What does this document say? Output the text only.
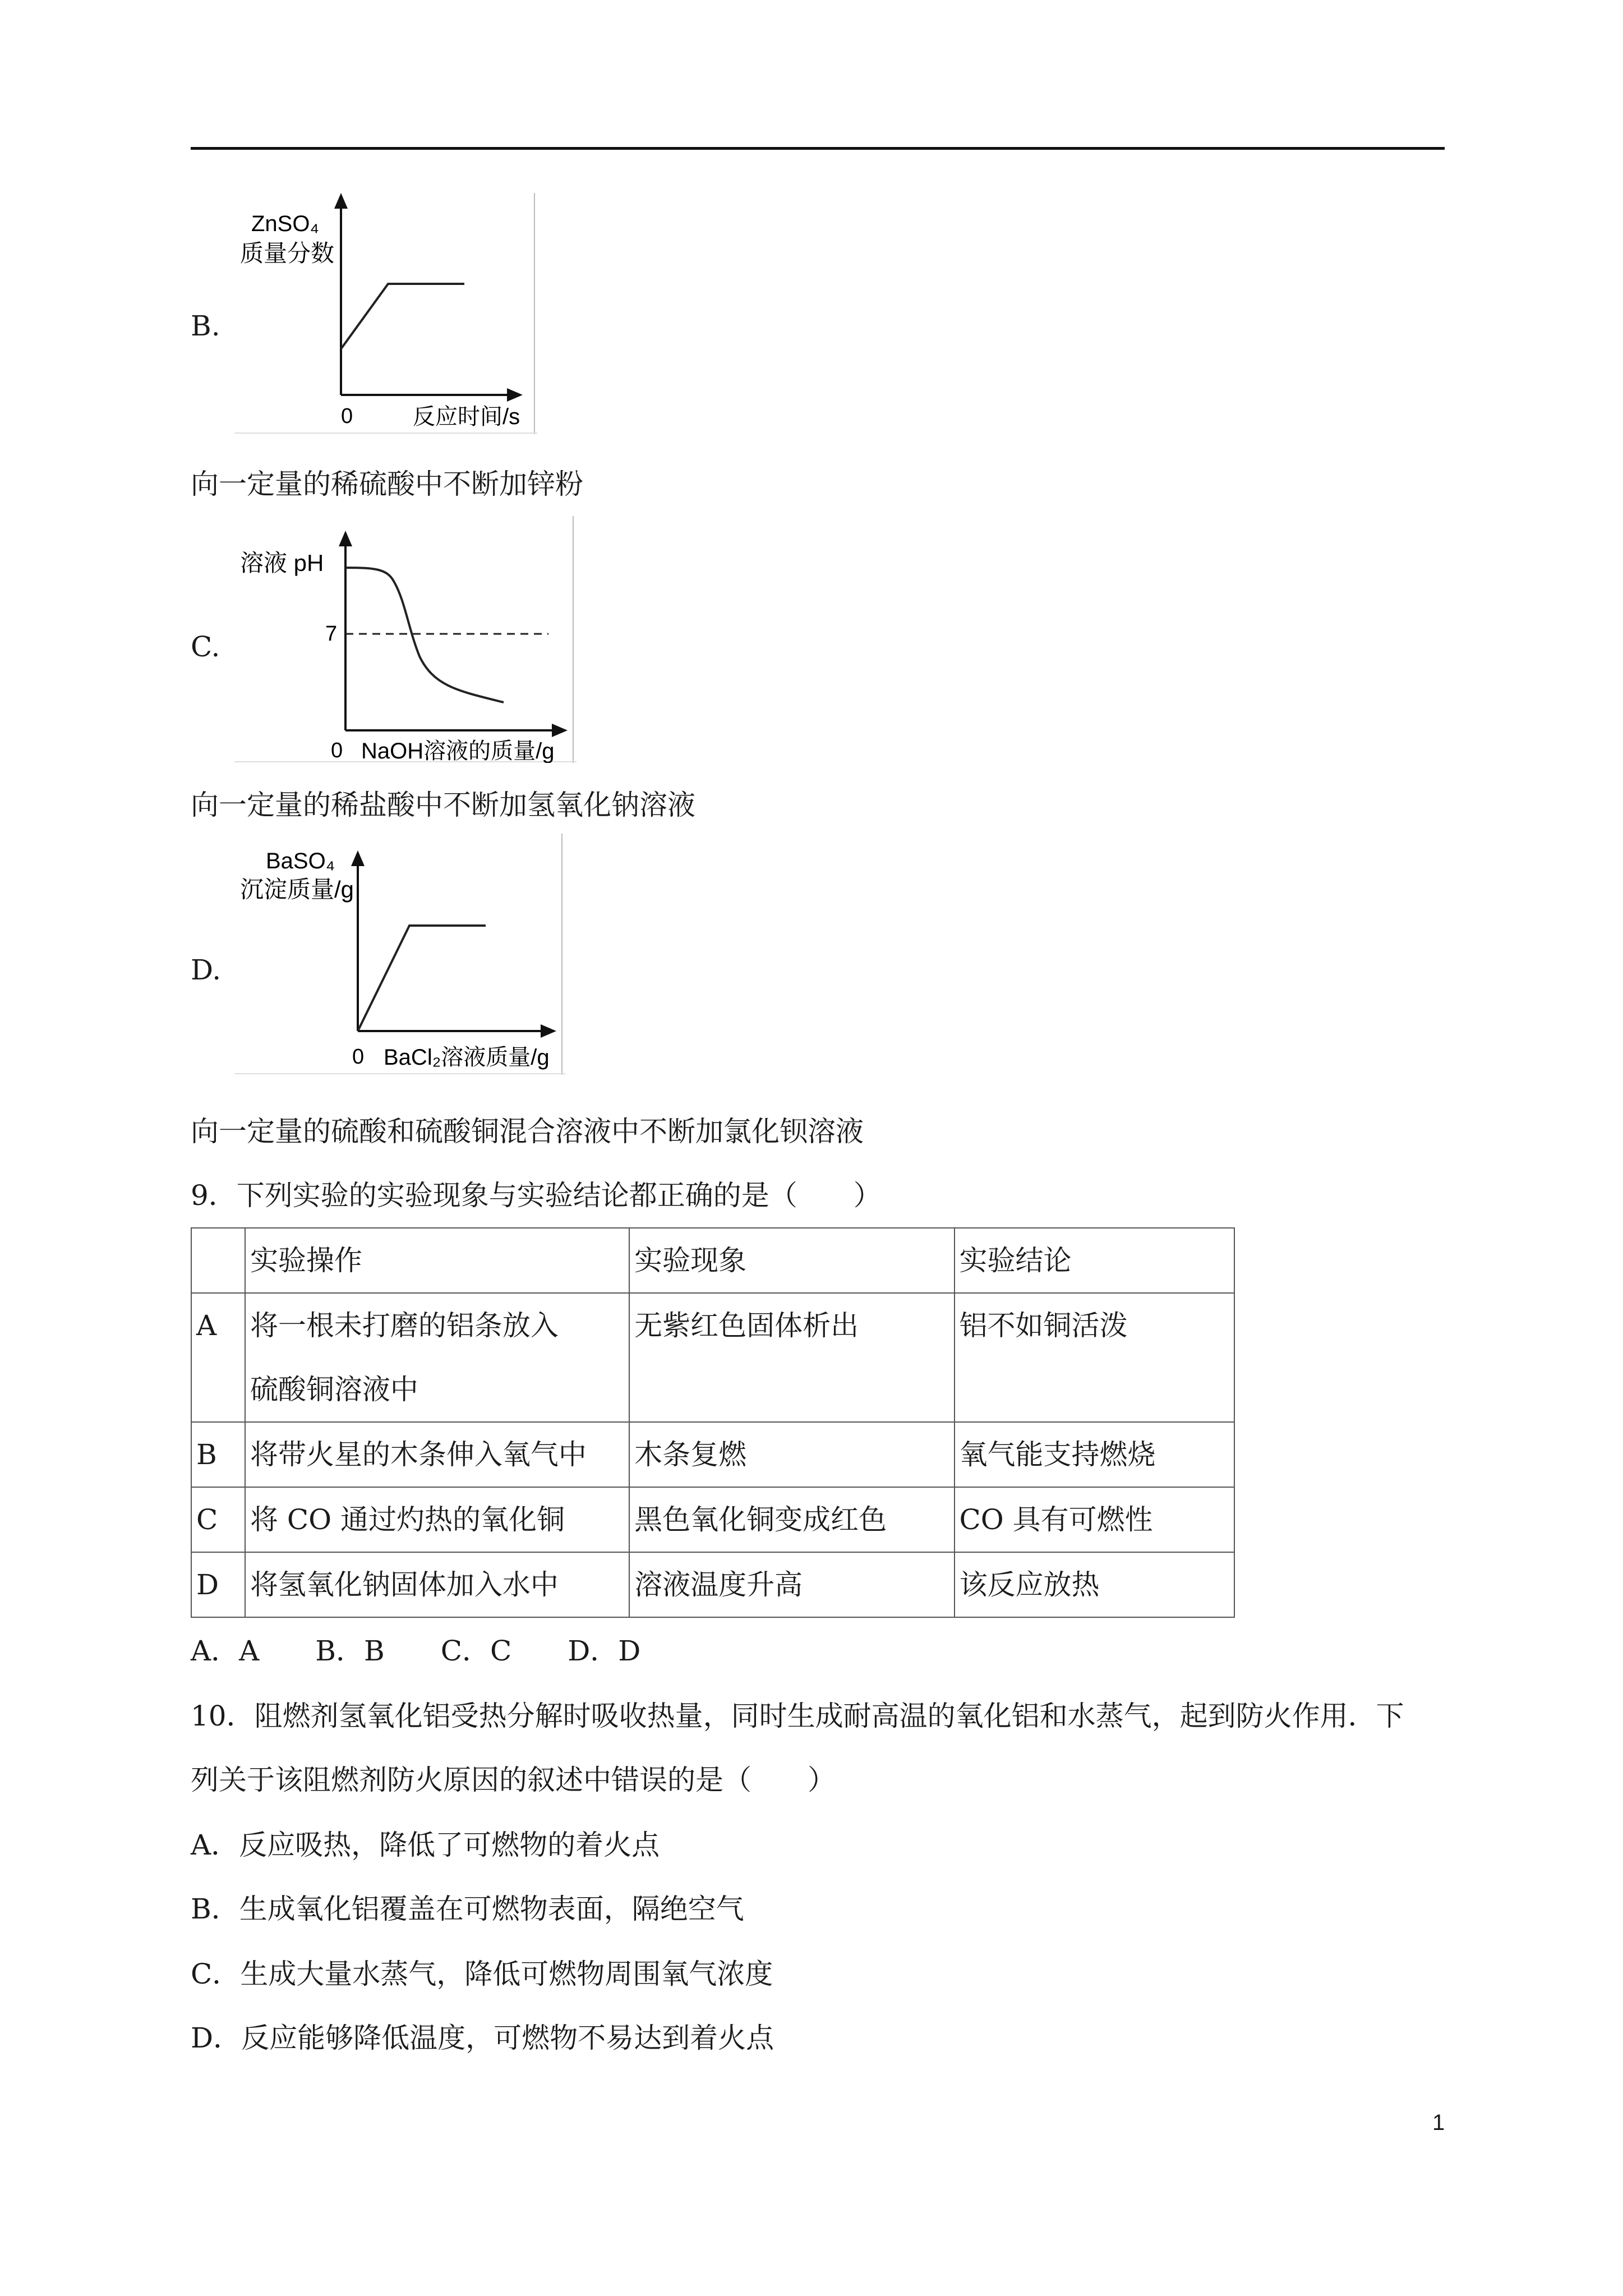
B.
ZnSO₄
质量分数
0	反应时间/s
向一定量的稀硫酸中不断加锌粉
C.
溶液 pH
7
0 NaOH溶液的质量/g
向一定量的稀盐酸中不断加氢氧化钠溶液
D.
BaSO₄
沉淀质量/g
0 BaCl₂溶液质量/g
向一定量的硫酸和硫酸铜混合溶液中不断加氯化钡溶液
9．下列实验的实验现象与实验结论都正确的是（　　）
	实验操作	实验现象	实验结论
A	将一根未打磨的铝条放入
硫酸铜溶液中	无紫红色固体析出	铝不如铜活泼
B	将带火星的木条伸入氧气中	木条复燃	氧气能支持燃烧
C	将 CO 通过灼热的氧化铜	黑色氧化铜变成红色	CO 具有可燃性
D	将氢氧化钠固体加入水中	溶液温度升高	该反应放热
A．A　　B．B　　C．C　　D．D
10．阻燃剂氢氧化铝受热分解时吸收热量，同时生成耐高温的氧化铝和水蒸气，起到防火作用．下
列关于该阻燃剂防火原因的叙述中错误的是（　　）
A．反应吸热，降低了可燃物的着火点
B．生成氧化铝覆盖在可燃物表面，隔绝空气
C．生成大量水蒸气，降低可燃物周围氧气浓度
D．反应能够降低温度，可燃物不易达到着火点
1
